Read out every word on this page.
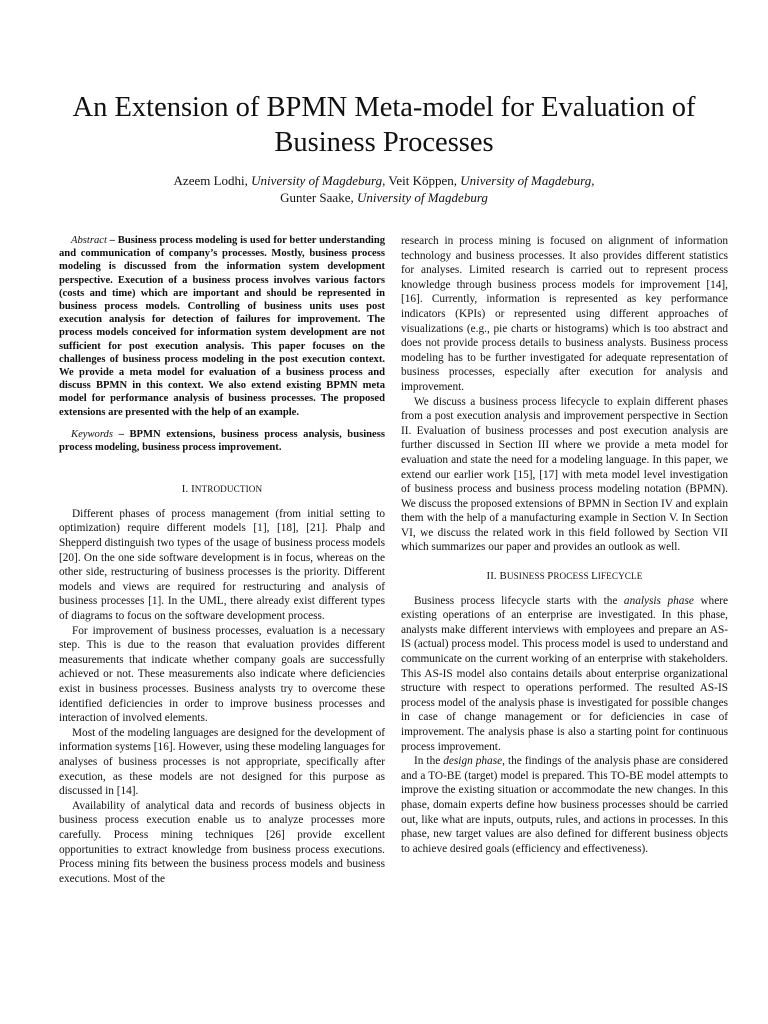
An Extension of BPMN Meta-model for Evaluation of Business Processes
Azeem Lodhi, University of Magdeburg, Veit Köppen, University of Magdeburg,
Gunter Saake, University of Magdeburg

Abstract – Business process modeling is used for better understanding and communication of company’s processes. Mostly, business process modeling is discussed from the information system development perspective. Execution of a business process involves various factors (costs and time) which are important and should be represented in business process models. Controlling of business units uses post execution analysis for detection of failures for improvement. The process models conceived for information system development are not sufficient for post execution analysis. This paper focuses on the challenges of business process modeling in the post execution context. We provide a meta model for evaluation of a business process and discuss BPMN in this context. We also extend existing BPMN meta model for performance analysis of business processes. The proposed extensions are presented with the help of an example.

Keywords – BPMN extensions, business process analysis, business process modeling, business process improvement.

I. INTRODUCTION

Different phases of process management (from initial setting to optimization) require different models [1], [18], [21]. Phalp and Shepperd distinguish two types of the usage of business process models [20]. On the one side software development is in focus, whereas on the other side, restructuring of business processes is the priority. Different models and views are required for restructuring and analysis of business processes [1]. In the UML, there already exist different types of diagrams to focus on the software development process.

For improvement of business processes, evaluation is a necessary step. This is due to the reason that evaluation provides different measurements that indicate whether company goals are successfully achieved or not. These measurements also indicate where deficiencies exist in business processes. Business analysts try to overcome these identified deficiencies in order to improve business processes and interaction of involved elements.

Most of the modeling languages are designed for the development of information systems [16]. However, using these modeling languages for analyses of business processes is not appropriate, specifically after execution, as these models are not designed for this purpose as discussed in [14].

Availability of analytical data and records of business objects in business process execution enable us to analyze processes more carefully. Process mining techniques [26] provide excellent opportunities to extract knowledge from business process executions. Process mining fits between the business process models and business executions. Most of the

research in process mining is focused on alignment of information technology and business processes. It also provides different statistics for analyses. Limited research is carried out to represent process knowledge through business process models for improvement [14], [16]. Currently, information is represented as key performance indicators (KPIs) or represented using different approaches of visualizations (e.g., pie charts or histograms) which is too abstract and does not provide process details to business analysts. Business process modeling has to be further investigated for adequate representation of business processes, especially after execution for analysis and improvement.

We discuss a business process lifecycle to explain different phases from a post execution analysis and improvement perspective in Section II. Evaluation of business processes and post execution analysis are further discussed in Section III where we provide a meta model for evaluation and state the need for a modeling language. In this paper, we extend our earlier work [15], [17] with meta model level investigation of business process and business process modeling notation (BPMN). We discuss the proposed extensions of BPMN in Section IV and explain them with the help of a manufacturing example in Section V. In Section VI, we discuss the related work in this field followed by Section VII which summarizes our paper and provides an outlook as well.

II. BUSINESS PROCESS LIFECYCLE

Business process lifecycle starts with the analysis phase where existing operations of an enterprise are investigated. In this phase, analysts make different interviews with employees and prepare an AS-IS (actual) process model. This process model is used to understand and communicate on the current working of an enterprise with stakeholders. This AS-IS model also contains details about enterprise organizational structure with respect to operations performed. The resulted AS-IS process model of the analysis phase is investigated for possible changes in case of change management or for deficiencies in case of improvement. The analysis phase is also a starting point for continuous process improvement.

In the design phase, the findings of the analysis phase are considered and a TO-BE (target) model is prepared. This TO-BE model attempts to improve the existing situation or accommodate the new changes. In this phase, domain experts define how business processes should be carried out, like what are inputs, outputs, rules, and actions in processes. In this phase, new target values are also defined for different business objects to achieve desired goals (efficiency and effectiveness).
